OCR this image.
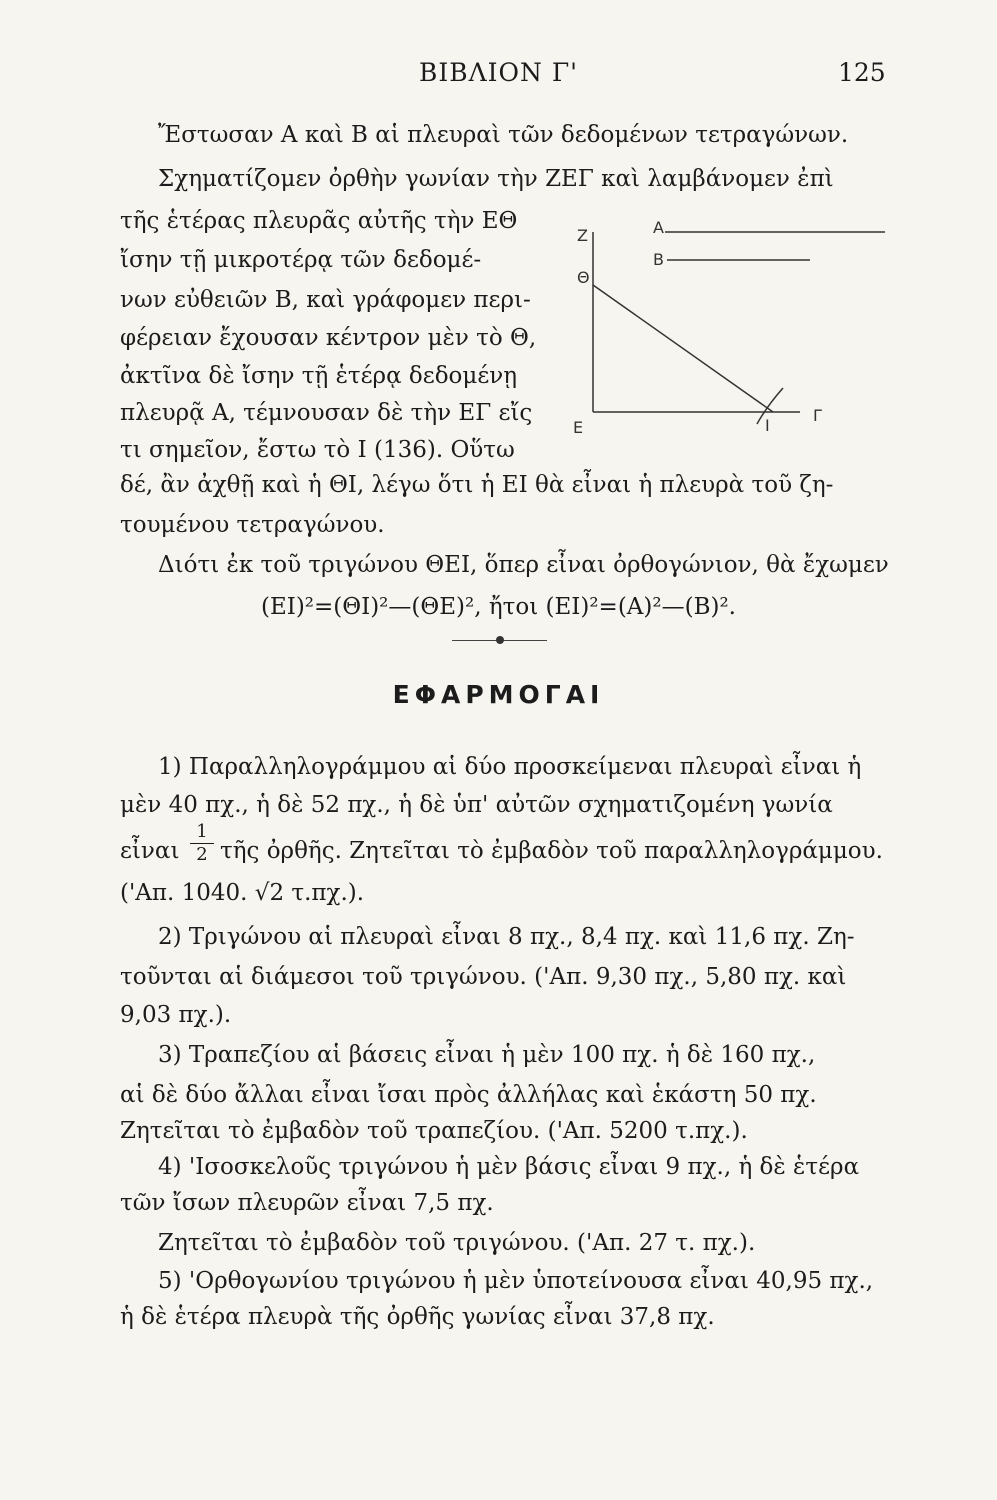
ΒΙΒΛΙΟΝ Γ'	125
Ἔστωσαν Α καὶ Β αἱ πλευραὶ τῶν δεδομένων τετραγώνων.
Σχηματίζομεν ὀρθὴν γωνίαν τὴν ΖΕΓ καὶ λαμβάνομεν ἐπὶ
τῆς ἑτέρας πλευρᾶς αὐτῆς τὴν ΕΘ
ἴσην τῇ μικροτέρᾳ τῶν δεδομέ-
νων εὐθειῶν Β, καὶ γράφομεν περι-
φέρειαν ἔχουσαν κέντρον μὲν τὸ Θ,
ἀκτῖνα δὲ ἴσην τῇ ἑτέρᾳ δεδομένῃ
πλευρᾷ Α, τέμνουσαν δὲ τὴν ΕΓ εἴς
τι σημεῖον, ἔστω τὸ Ι (136). Οὕτω
δέ, ἂν ἀχθῇ καὶ ἡ ΘΙ, λέγω ὅτι ἡ ΕΙ θὰ εἶναι ἡ πλευρὰ τοῦ ζη-
τουμένου τετραγώνου.
Διότι ἐκ τοῦ τριγώνου ΘΕΙ, ὅπερ εἶναι ὀρθογώνιον, θὰ ἔχωμεν
(ΕΙ)²=(ΘΙ)²—(ΘΕ)², ἤτοι (ΕΙ)²=(Α)²—(Β)².
Z
Θ
E	I
Γ
A
B
ΕΦΑΡΜΟΓΑΙ
1) Παραλληλογράμμου αἱ δύο προσκείμεναι πλευραὶ εἶναι ἡ
μὲν 40 πχ., ἡ δὲ 52 πχ., ἡ δὲ ὑπ' αὐτῶν σχηματιζομένη γωνία
εἶναι
1
2 τῆς ὀρθῆς. Ζητεῖται τὸ ἐμβαδὸν τοῦ παραλληλογράμμου.
('Απ. 1040. √2 τ.πχ.).
2) Τριγώνου αἱ πλευραὶ εἶναι 8 πχ., 8,4 πχ. καὶ 11,6 πχ. Ζη-
τοῦνται αἱ διάμεσοι τοῦ τριγώνου. ('Απ. 9,30 πχ., 5,80 πχ. καὶ
9,03 πχ.).
3) Τραπεζίου αἱ βάσεις εἶναι ἡ μὲν 100 πχ. ἡ δὲ 160 πχ.,
αἱ δὲ δύο ἄλλαι εἶναι ἴσαι πρὸς ἀλλήλας καὶ ἑκάστη 50 πχ.
Ζητεῖται τὸ ἐμβαδὸν τοῦ τραπεζίου. ('Απ. 5200 τ.πχ.).
4) 'Ισοσκελοῦς τριγώνου ἡ μὲν βάσις εἶναι 9 πχ., ἡ δὲ ἑτέρα
τῶν ἴσων πλευρῶν εἶναι 7,5 πχ.
Ζητεῖται τὸ ἐμβαδὸν τοῦ τριγώνου. ('Απ. 27 τ. πχ.).
5) 'Ορθογωνίου τριγώνου ἡ μὲν ὑποτείνουσα εἶναι 40,95 πχ.,
ἡ δὲ ἑτέρα πλευρὰ τῆς ὀρθῆς γωνίας εἶναι 37,8 πχ.
